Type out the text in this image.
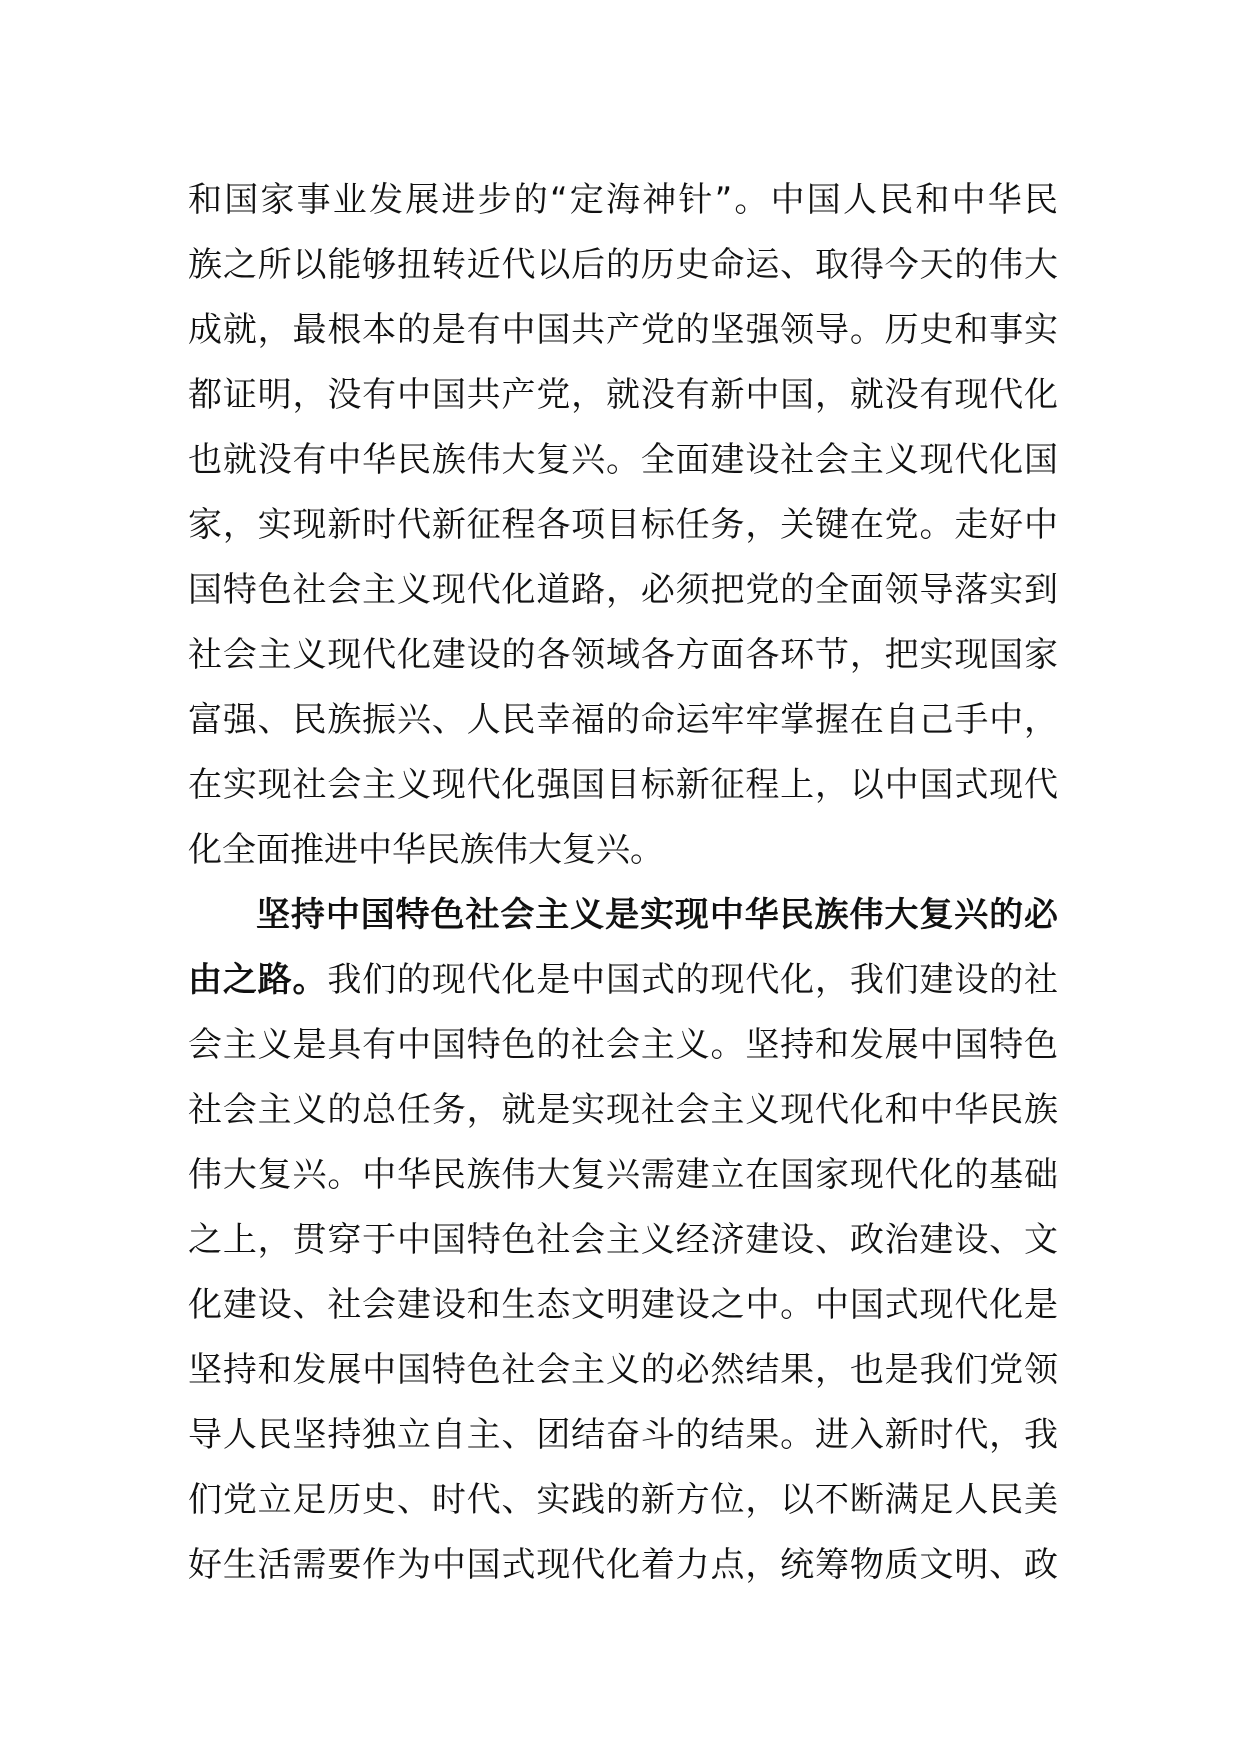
和国家事业发展进步的“定海神针”。中国人民和中华民
族之所以能够扭转近代以后的历史命运、取得今天的伟大
成就，最根本的是有中国共产党的坚强领导。历史和事实
都证明，没有中国共产党，就没有新中国，就没有现代化
也就没有中华民族伟大复兴。全面建设社会主义现代化国
家，实现新时代新征程各项目标任务，关键在党。走好中
国特色社会主义现代化道路，必须把党的全面领导落实到
社会主义现代化建设的各领域各方面各环节，把实现国家
富强、民族振兴、人民幸福的命运牢牢掌握在自己手中，
在实现社会主义现代化强国目标新征程上，以中国式现代
化全面推进中华民族伟大复兴。
坚持中国特色社会主义是实现中华民族伟大复兴的必
由之路。我们的现代化是中国式的现代化，我们建设的社
会主义是具有中国特色的社会主义。坚持和发展中国特色
社会主义的总任务，就是实现社会主义现代化和中华民族
伟大复兴。中华民族伟大复兴需建立在国家现代化的基础
之上，贯穿于中国特色社会主义经济建设、政治建设、文
化建设、社会建设和生态文明建设之中。中国式现代化是
坚持和发展中国特色社会主义的必然结果，也是我们党领
导人民坚持独立自主、团结奋斗的结果。进入新时代，我
们党立足历史、时代、实践的新方位，以不断满足人民美
好生活需要作为中国式现代化着力点，统筹物质文明、政
